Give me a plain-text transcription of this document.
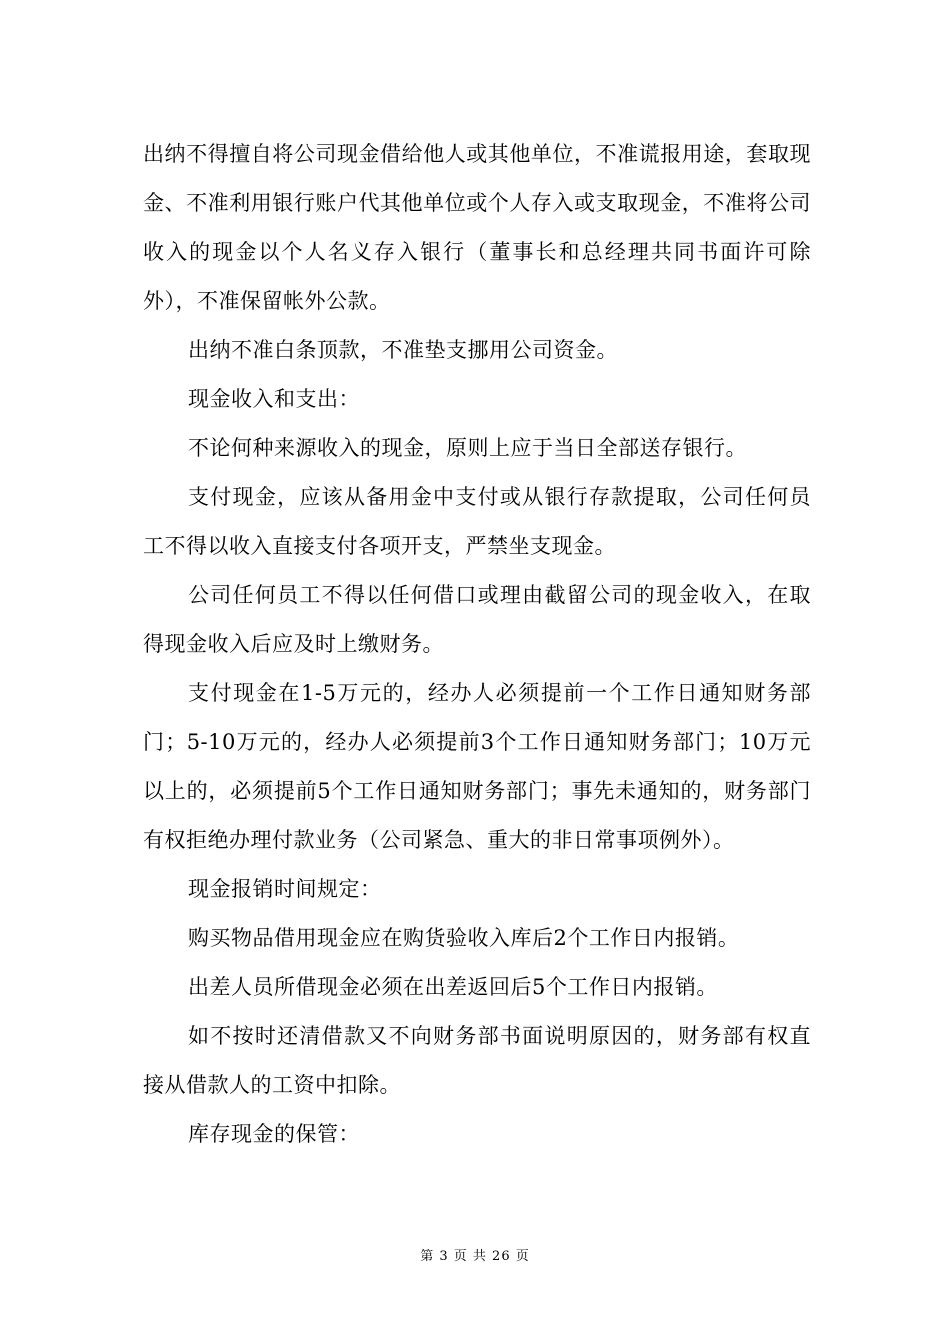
出纳不得擅自将公司现金借给他人或其他单位，不准谎报用途，套取现金、不准利用银行账户代其他单位或个人存入或支取现金，不准将公司收入的现金以个人名义存入银行（董事长和总经理共同书面许可除外），不准保留帐外公款。

出纳不准白条顶款，不准垫支挪用公司资金。

现金收入和支出：

不论何种来源收入的现金，原则上应于当日全部送存银行。

支付现金，应该从备用金中支付或从银行存款提取，公司任何员工不得以收入直接支付各项开支，严禁坐支现金。

公司任何员工不得以任何借口或理由截留公司的现金收入，在取得现金收入后应及时上缴财务。

支付现金在1-5万元的，经办人必须提前一个工作日通知财务部门；5-10万元的，经办人必须提前3个工作日通知财务部门；10万元以上的，必须提前5个工作日通知财务部门；事先未通知的，财务部门有权拒绝办理付款业务（公司紧急、重大的非日常事项例外）。

现金报销时间规定：

购买物品借用现金应在购货验收入库后2个工作日内报销。

出差人员所借现金必须在出差返回后5个工作日内报销。

如不按时还清借款又不向财务部书面说明原因的，财务部有权直接从借款人的工资中扣除。

库存现金的保管：

第 3 页 共 26 页
